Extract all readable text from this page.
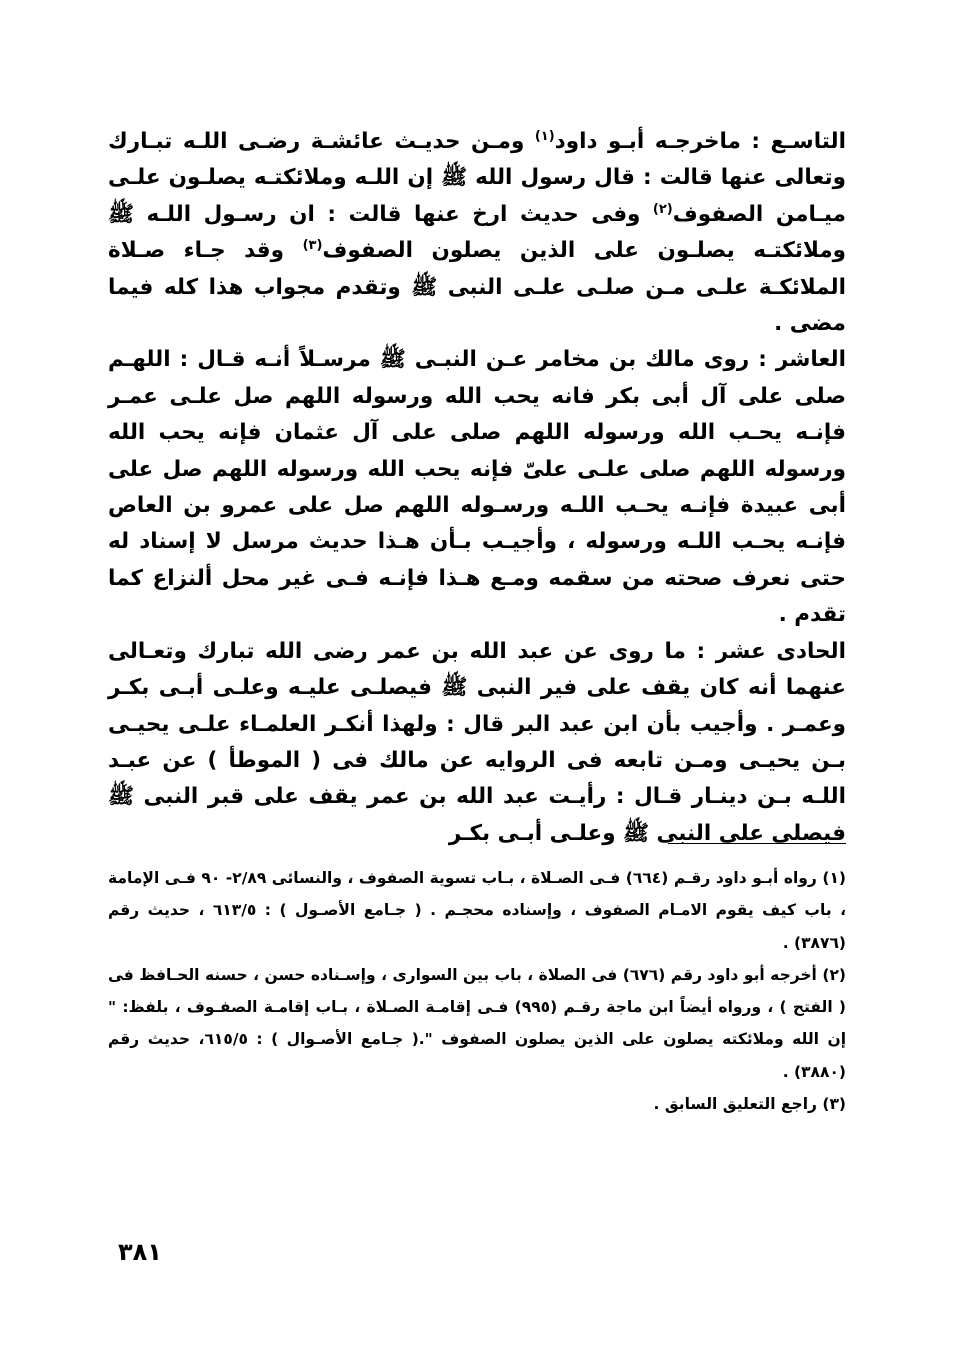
التاسـع : ماخرجـه أبـو داود$^{(١)}$ ومـن حديـث عائشـة رضـى اللـه تبـارك وتعالى عنها قالت : قال رسول الله ﷺ إن اللـه وملائكتـه يصلـون علـى ميـامن الصفوف$^{(٢)}$ وفى حديث ارخ عنها قالت : ان رسـول اللـه ﷺ وملائكتـه يصلـون على الذين يصلون الصفوف$^{(٣)}$ وقد جـاء صـلاة الملائكـة علـى مـن صلـى علـى النبى ﷺ وتقدم مجواب هذا كله فيما مضى .

العاشر : روى مالك بن مخامر عـن النبـى ﷺ مرسـلاً أنـه قـال : اللهـم صلى على آل أبى بكر فانه يحب الله ورسوله اللهم صل علـى عمـر فإنـه يحـب الله ورسوله اللهم صلى على آل عثمان فإنه يحب الله ورسوله اللهم صلى علـى علىّ فإنه يحب الله ورسوله اللهم صل على أبى عبيدة فإنـه يحـب اللـه ورسـوله اللهم صل على عمرو بن العاص فإنـه يحـب اللـه ورسوله ، وأجيـب بـأن هـذا حديث مرسل لا إسناد له حتى نعرف صحته من سقمه ومـع هـذا فإنـه فـى غير محل ألنزاع كما تقدم .

الحادى عشر : ما روى عن عبد الله بن عمر رضى الله تبارك وتعـالى عنهما أنه كان يقف على فير النبى ﷺ فيصلـى عليـه وعلـى أبـى بكـر وعمـر . وأجيب بأن ابن عبد البر قال : ولهذا أنكـر العلمـاء علـى يحيـى بـن يحيـى ومـن تابعه فى الروايه عن مالك فى ( الموطأ ) عن عبـد اللـه بـن دينـار قـال : رأيـت عبد الله بن عمر يقف على قبر النبى ﷺ فيصلى على النبى ﷺ وعلـى أبـى بكـر

(١) رواه أبـو داود رقـم (٦٦٤) فـى الصـلاة ، بـاب تسوية الصفوف ، والنسائى ٢/٨٩- ٩٠ فـى الإمامة ، باب كيف يقوم الامـام الصفوف ، وإسناده محجـم . ( جـامع الأصـول ) : ٦١٣/٥ ، حديث رقم (٣٨٧٦) .

(٢) أخرجه أبو داود رقم (٦٧٦) فى الصلاة ، باب بين السوارى ، وإسـناده حسن ، حسنه الحـافظ فى ( الفتح ) ، ورواه أيضاً ابن ماجة رقـم (٩٩٥) فـى إقامـة الصـلاة ، بـاب إقامـة الصفـوف ، بلفظ: " إن الله وملائكته يصلون على الذين يصلون الصفوف ".( جـامع الأصـوال ) : ٦١٥/٥، حديث رقم (٣٨٨٠) .

(٣) راجع التعليق السابق .

٣٨١
